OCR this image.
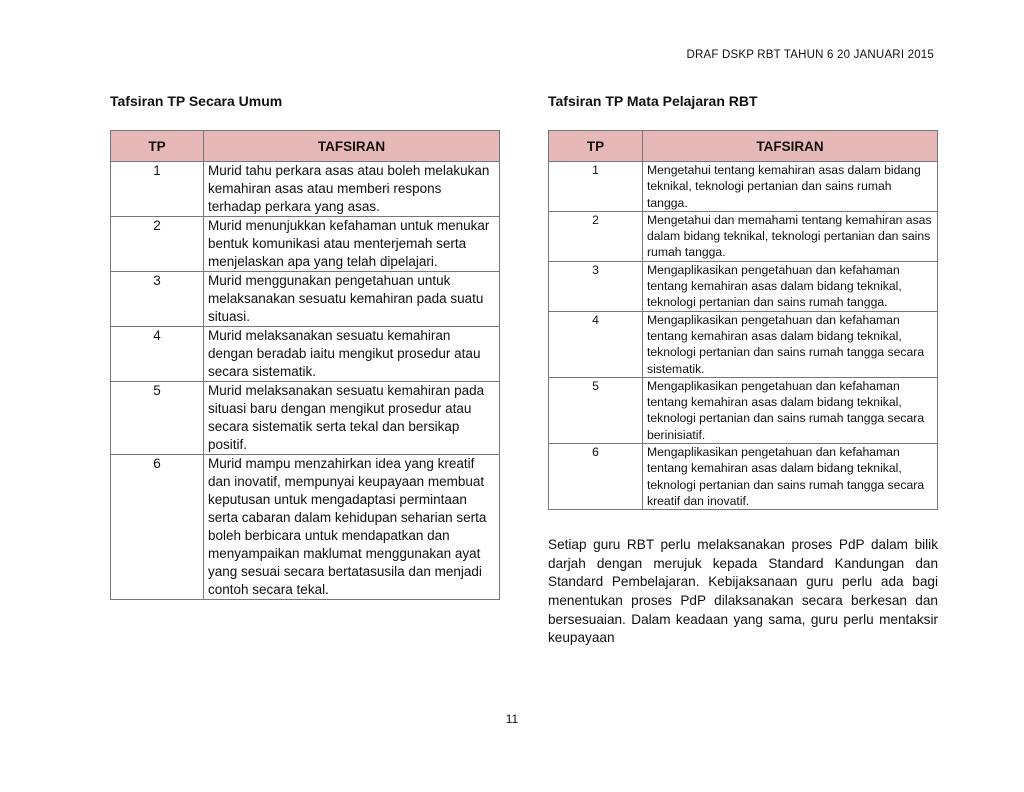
DRAF DSKP RBT TAHUN 6 20 JANUARI 2015
Tafsiran TP Secara Umum
TP	TAFSIRAN
1	Murid tahu perkara asas atau boleh melakukan kemahiran asas atau memberi respons terhadap perkara yang asas.
2	Murid menunjukkan kefahaman untuk menukar bentuk komunikasi atau menterjemah serta menjelaskan apa yang telah dipelajari.
3	Murid menggunakan pengetahuan untuk melaksanakan sesuatu kemahiran pada suatu situasi.
4	Murid melaksanakan sesuatu kemahiran dengan beradab iaitu mengikut prosedur atau secara sistematik.
5	Murid melaksanakan sesuatu kemahiran pada situasi baru dengan mengikut prosedur atau secara sistematik serta tekal dan bersikap positif.
6	Murid mampu menzahirkan idea yang kreatif dan inovatif, mempunyai keupayaan membuat keputusan untuk mengadaptasi permintaan serta cabaran dalam kehidupan seharian serta boleh berbicara untuk mendapatkan dan menyampaikan maklumat menggunakan ayat yang sesuai secara bertatasusila dan menjadi contoh secara tekal.
Tafsiran TP Mata Pelajaran RBT
TP	TAFSIRAN
1	Mengetahui tentang kemahiran asas dalam bidang teknikal, teknologi pertanian dan sains rumah tangga.
2	Mengetahui dan memahami tentang kemahiran asas dalam bidang teknikal, teknologi pertanian dan sains rumah tangga.
3	Mengaplikasikan pengetahuan dan kefahaman tentang kemahiran asas dalam bidang teknikal, teknologi pertanian dan sains rumah tangga.
4	Mengaplikasikan pengetahuan dan kefahaman tentang kemahiran asas dalam bidang teknikal, teknologi pertanian dan sains rumah tangga secara sistematik.
5	Mengaplikasikan pengetahuan dan kefahaman tentang kemahiran asas dalam bidang teknikal, teknologi pertanian dan sains rumah tangga secara berinisiatif.
6	Mengaplikasikan pengetahuan dan kefahaman tentang kemahiran asas dalam bidang teknikal, teknologi pertanian dan sains rumah tangga secara kreatif dan inovatif.
Setiap guru RBT perlu melaksanakan proses PdP dalam bilik darjah dengan merujuk kepada Standard Kandungan dan Standard Pembelajaran. Kebijaksanaan guru perlu ada bagi menentukan proses PdP dilaksanakan secara berkesan dan bersesuaian. Dalam keadaan yang sama, guru perlu mentaksir keupayaan
11
